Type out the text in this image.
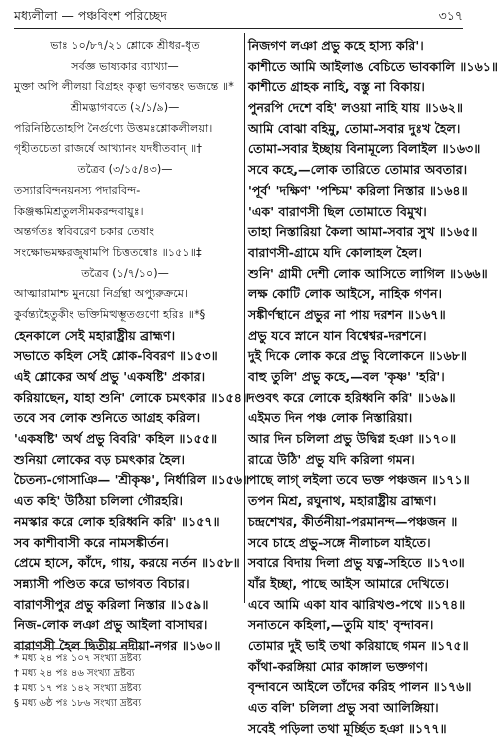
মধ্যলীলা — পঞ্চবিংশ পরিচ্ছেদ	৩১৭
ভাঃ ১০/৮৭/২১ শ্লোকে শ্রীধর-ধৃত
সর্বজ্ঞ ভাষ্যকার ব্যাখ্যা—
মুক্তা অপি লীলয়া বিগ্রহং কৃত্বা ভগবন্তং ভজন্তে ॥*
শ্রীমদ্ভাগবতে (২/১/৯)—
পরিনিষ্ঠিতোহপি নৈর্গুণ্যে উত্তমঃশ্লোকলীলয়া।
গৃহীতচেতা রাজর্ষে আখ্যানং যদধীতবান্ ॥†
তত্রৈব (৩/১৫/৪৩)—
তস্যারবিন্দনয়নস্য পদারবিন্দ-
কিঞ্জল্কমিশ্রতুলসীমকরন্দবায়ুঃ।
অন্তর্গতঃ স্ববিবরেণ চকার তেষাং
সংক্ষোভমক্ষরজুষামপি চিত্ততন্বোঃ ॥১৫১॥‡
তত্রৈব (১/৭/১০)—
আত্মারামাশ্চ মুনয়ো নির্গ্রন্থা অপ্যুরুক্রমে।
কুর্বন্ত্যহৈতুকীং ভক্তিমিত্থম্ভূতগুণো হরিঃ ॥*§
হেনকালে সেই মহারাষ্ট্রীয় ব্রাহ্মণ।
সভাতে কহিল সেই শ্লোক-বিবরণ ॥১৫৩॥
এই শ্লোকের অর্থ প্রভু 'একষষ্টি' প্রকার।
করিয়াছেন, যাহা শুনি' লোকে চমৎকার ॥১৫৪॥
তবে সব লোক শুনিতে আগ্রহ করিল।
'একষষ্টি' অর্থ প্রভু বিবরি' কহিল ॥১৫৫॥
শুনিয়া লোকের বড় চমৎকার হৈল।
চৈতন্য-গোসাঞি— 'শ্রীকৃষ্ণ', নির্ধারিল ॥১৫৬॥
এত কহি' উঠিয়া চলিলা গৌরহরি।
নমস্কার করে লোক হরিধ্বনি করি' ॥১৫৭॥
সব কাশীবাসী করে নামসঙ্কীর্তন।
প্রেমে হাসে, কাঁদে, গায়, করয়ে নর্তন ॥১৫৮॥
সন্ন্যাসী পণ্ডিত করে ভাগবত বিচার।
বারাণসীপুর প্রভু করিলা নিস্তার ॥১৫৯॥
নিজ-লোক লঞা প্রভু আইলা বাসাঘর।
বারাণসী হৈল দ্বিতীয় নদীয়া-নগর ॥১৬০॥
নিজগণ লঞা প্রভু কহে হাস্য করি'।
কাশীতে আমি আইলাঙ বেচিতে ভাবকালি ॥১৬১॥
কাশীতে গ্রাহক নাহি, বস্তু না বিকায়।
পুনরপি দেশে বহি' লওয়া নাহি যায় ॥১৬২॥
আমি বোঝা বহিমু, তোমা-সবার দুঃখ হৈল।
তোমা-সবার ইচ্ছায় বিনামূল্যে বিলাইল ॥১৬৩॥
সবে কহে,—লোক তারিতে তোমার অবতার।
'পূর্ব' 'দক্ষিণ' 'পশ্চিম' করিলা নিস্তার ॥১৬৪॥
'এক' বারাণসী ছিল তোমাতে বিমুখ।
তাহা নিস্তারিয়া কৈলা আমা-সবার সুখ ॥১৬৫॥
বারাণসী-গ্রামে যদি কোলাহল হৈল।
শুনি' গ্রামী দেশী লোক আসিতে লাগিল ॥১৬৬॥
লক্ষ কোটি লোক আইসে, নাহিক গণন।
সঙ্কীর্ণস্থানে প্রভুর না পায় দরশন ॥১৬৭॥
প্রভু যবে স্নানে যান বিশ্বেশ্বর-দরশনে।
দুই দিকে লোক করে প্রভু বিলোকনে ॥১৬৮॥
বাহু তুলি' প্রভু কহে,—বল 'কৃষ্ণ' 'হরি'।
দণ্ডবৎ করে লোকে হরিধ্বনি করি' ॥১৬৯॥
এইমত দিন পঞ্চ লোক নিস্তারিয়া।
আর দিন চলিলা প্রভু উদ্বিগ্ন হঞা ॥১৭০॥
রাত্রে উঠি' প্রভু যদি করিলা গমন।
পাছে লাগ্ লইলা তবে ভক্ত পঞ্চজন ॥১৭১॥
তপন মিশ্র, রঘুনাথ, মহারাষ্ট্রীয় ব্রাহ্মণ।
চন্দ্রশেখর, কীর্তনীয়া-পরমানন্দ—পঞ্চজন ॥
সবে চাহে প্রভু-সঙ্গে নীলাচল যাইতে।
সবারে বিদায় দিলা প্রভু যত্ন-সহিতে ॥১৭৩॥
যাঁর ইচ্ছা, পাছে আইস আমারে দেখিতে।
এবে আমি একা যাব ঝারিখণ্ড-পথে ॥১৭৪॥
সনাতনে কহিলা,—তুমি যাহ' বৃন্দাবন।
তোমার দুই ভাই তথা করিয়াছে গমন ॥১৭৫॥
কাঁথা-করঙ্গিয়া মোর কাঙ্গাল ভক্তগণ।
বৃন্দাবনে আইলে তাঁদের করিহ পালন ॥১৭৬॥
এত বলি' চলিলা প্রভু সবা আলিঙ্গিয়া।
সবেই পড়িলা তথা মূর্চ্ছিত হঞা ॥১৭৭॥
* মধ্য ২৪ পঃ ১০৭ সংখ্যা দ্রষ্টব্য
† মধ্য ২৪ পঃ ৪৬ সংখ্যা দ্রষ্টব্য
‡ মধ্য ১৭ পঃ ১৪২ সংখ্যা দ্রষ্টব্য
§ মধ্য ৬ষ্ঠ পঃ ১৮৬ সংখ্যা দ্রষ্টব্য
